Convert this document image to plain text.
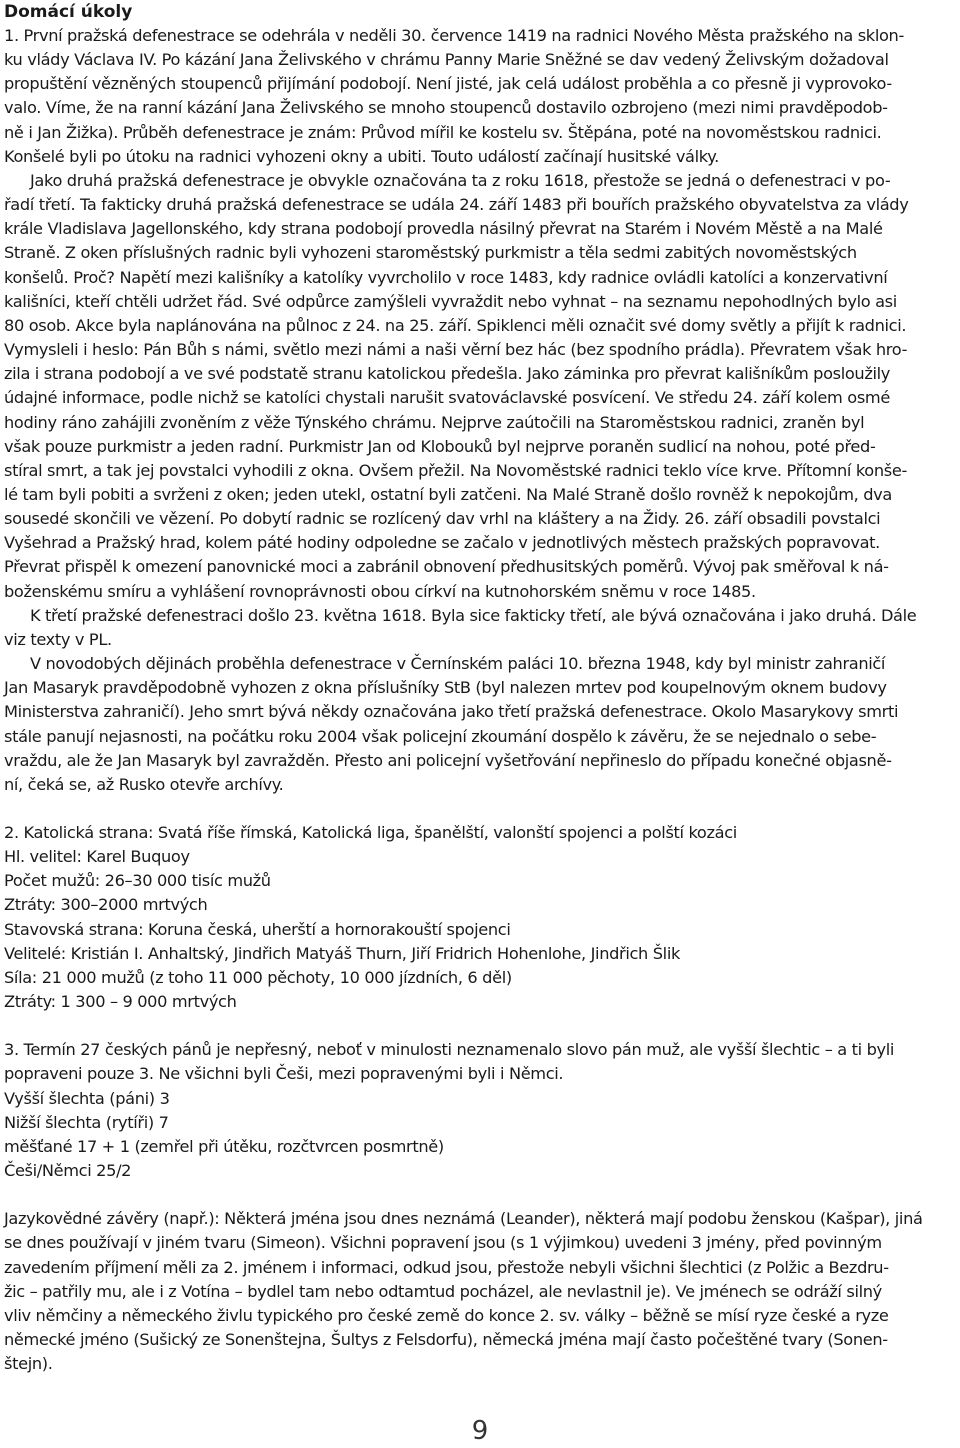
Domácí úkoly
1. První pražská defenestrace se odehrála v neděli 30. července 1419 na radnici Nového Města pražského na sklon-
ku vlády Václava IV. Po kázání Jana Želivského v chrámu Panny Marie Sněžné se dav vedený Želivským dožadoval
propuštění vězněných stoupenců přijímání podobojí. Není jisté, jak celá událost proběhla a co přesně ji vyprovoko-
valo. Víme, že na ranní kázání Jana Želivského se mnoho stoupenců dostavilo ozbrojeno (mezi nimi pravděpodob-
ně i Jan Žižka). Průběh defenestrace je znám: Průvod mířil ke kostelu sv. Štěpána, poté na novoměstskou radnici.
Konšelé byli po útoku na radnici vyhozeni okny a ubiti. Touto událostí začínají husitské války.
Jako druhá pražská defenestrace je obvykle označována ta z roku 1618, přestože se jedná o defenestraci v po-
řadí třetí. Ta fakticky druhá pražská defenestrace se udála 24. září 1483 při bouřích pražského obyvatelstva za vlády
krále Vladislava Jagellonského, kdy strana podobojí provedla násilný převrat na Starém i Novém Městě a na Malé
Straně. Z oken příslušných radnic byli vyhozeni staroměstský purkmistr a těla sedmi zabitých novoměstských
konšelů. Proč? Napětí mezi kališníky a katolíky vyvrcholilo v roce 1483, kdy radnice ovládli katolíci a konzervativní
kališníci, kteří chtěli udržet řád. Své odpůrce zamýšleli vyvraždit nebo vyhnat – na seznamu nepohodlných bylo asi
80 osob. Akce byla naplánována na půlnoc z 24. na 25. září. Spiklenci měli označit své domy světly a přijít k radnici.
Vymysleli i heslo: Pán Bůh s námi, světlo mezi námi a naši věrní bez hác (bez spodního prádla). Převratem však hro-
zila i strana podobojí a ve své podstatě stranu katolickou předešla. Jako záminka pro převrat kališníkům posloužily
údajné informace, podle nichž se katolíci chystali narušit svatováclavské posvícení. Ve středu 24. září kolem osmé
hodiny ráno zahájili zvoněním z věže Týnského chrámu. Nejprve zaútočili na Staroměstskou radnici, zraněn byl
však pouze purkmistr a jeden radní. Purkmistr Jan od Klobouků byl nejprve poraněn sudlicí na nohou, poté před-
stíral smrt, a tak jej povstalci vyhodili z okna. Ovšem přežil. Na Novoměstské radnici teklo více krve. Přítomní konše-
lé tam byli pobiti a svrženi z oken; jeden utekl, ostatní byli zatčeni. Na Malé Straně došlo rovněž k nepokojům, dva
sousedé skončili ve vězení. Po dobytí radnic se rozlícený dav vrhl na kláštery a na Židy. 26. září obsadili povstalci
Vyšehrad a Pražský hrad, kolem páté hodiny odpoledne se začalo v jednotlivých městech pražských popravovat.
Převrat přispěl k omezení panovnické moci a zabránil obnovení předhusitských poměrů. Vývoj pak směřoval k ná-
boženskému smíru a vyhlášení rovnoprávnosti obou církví na kutnohorském sněmu v roce 1485.
K třetí pražské defenestraci došlo 23. května 1618. Byla sice fakticky třetí, ale bývá označována i jako druhá. Dále
viz texty v PL.
V novodobých dějinách proběhla defenestrace v Černínském paláci 10. března 1948, kdy byl ministr zahraničí
Jan Masaryk pravděpodobně vyhozen z okna příslušníky StB (byl nalezen mrtev pod koupelnovým oknem budovy
Ministerstva zahraničí). Jeho smrt bývá někdy označována jako třetí pražská defenestrace. Okolo Masarykovy smrti
stále panují nejasnosti, na počátku roku 2004 však policejní zkoumání dospělo k závěru, že se nejednalo o sebe-
vraždu, ale že Jan Masaryk byl zavražděn. Přesto ani policejní vyšetřování nepřineslo do případu konečné objasně-
ní, čeká se, až Rusko otevře archívy.
2. Katolická strana: Svatá říše římská, Katolická liga, španělští, valonští spojenci a polští kozáci
Hl. velitel: Karel Buquoy
Počet mužů: 26–30 000 tisíc mužů
Ztráty: 300–2000 mrtvých
Stavovská strana: Koruna česká, uherští a hornorakouští spojenci
Velitelé: Kristián I. Anhaltský, Jindřich Matyáš Thurn, Jiří Fridrich Hohenlohe, Jindřich Šlik
Síla: 21 000 mužů (z toho 11 000 pěchoty, 10 000 jízdních, 6 děl)
Ztráty: 1 300 – 9 000 mrtvých
3. Termín 27 českých pánů je nepřesný, neboť v minulosti neznamenalo slovo pán muž, ale vyšší šlechtic – a ti byli
popraveni pouze 3. Ne všichni byli Češi, mezi popravenými byli i Němci.
Vyšší šlechta (páni) 3
Nižší šlechta (rytíři) 7
měšťané 17 + 1 (zemřel při útěku, rozčtvrcen posmrtně)
Češi/Němci 25/2
Jazykovědné závěry (např.): Některá jména jsou dnes neznámá (Leander), některá mají podobu ženskou (Kašpar), jiná
se dnes používají v jiném tvaru (Simeon). Všichni popravení jsou (s 1 výjimkou) uvedeni 3 jmény, před povinným
zavedením příjmení měli za 2. jménem i informaci, odkud jsou, přestože nebyli všichni šlechtici (z Polžic a Bezdru-
žic – patřily mu, ale i z Votína – bydlel tam nebo odtamtud pocházel, ale nevlastnil je). Ve jménech se odráží silný
vliv němčiny a německého živlu typického pro české země do konce 2. sv. války – běžně se mísí ryze české a ryze
německé jméno (Sušický ze Sonenštejna, Šultys z Felsdorfu), německá jména mají často počeštěné tvary (Sonen-
štejn).
9
